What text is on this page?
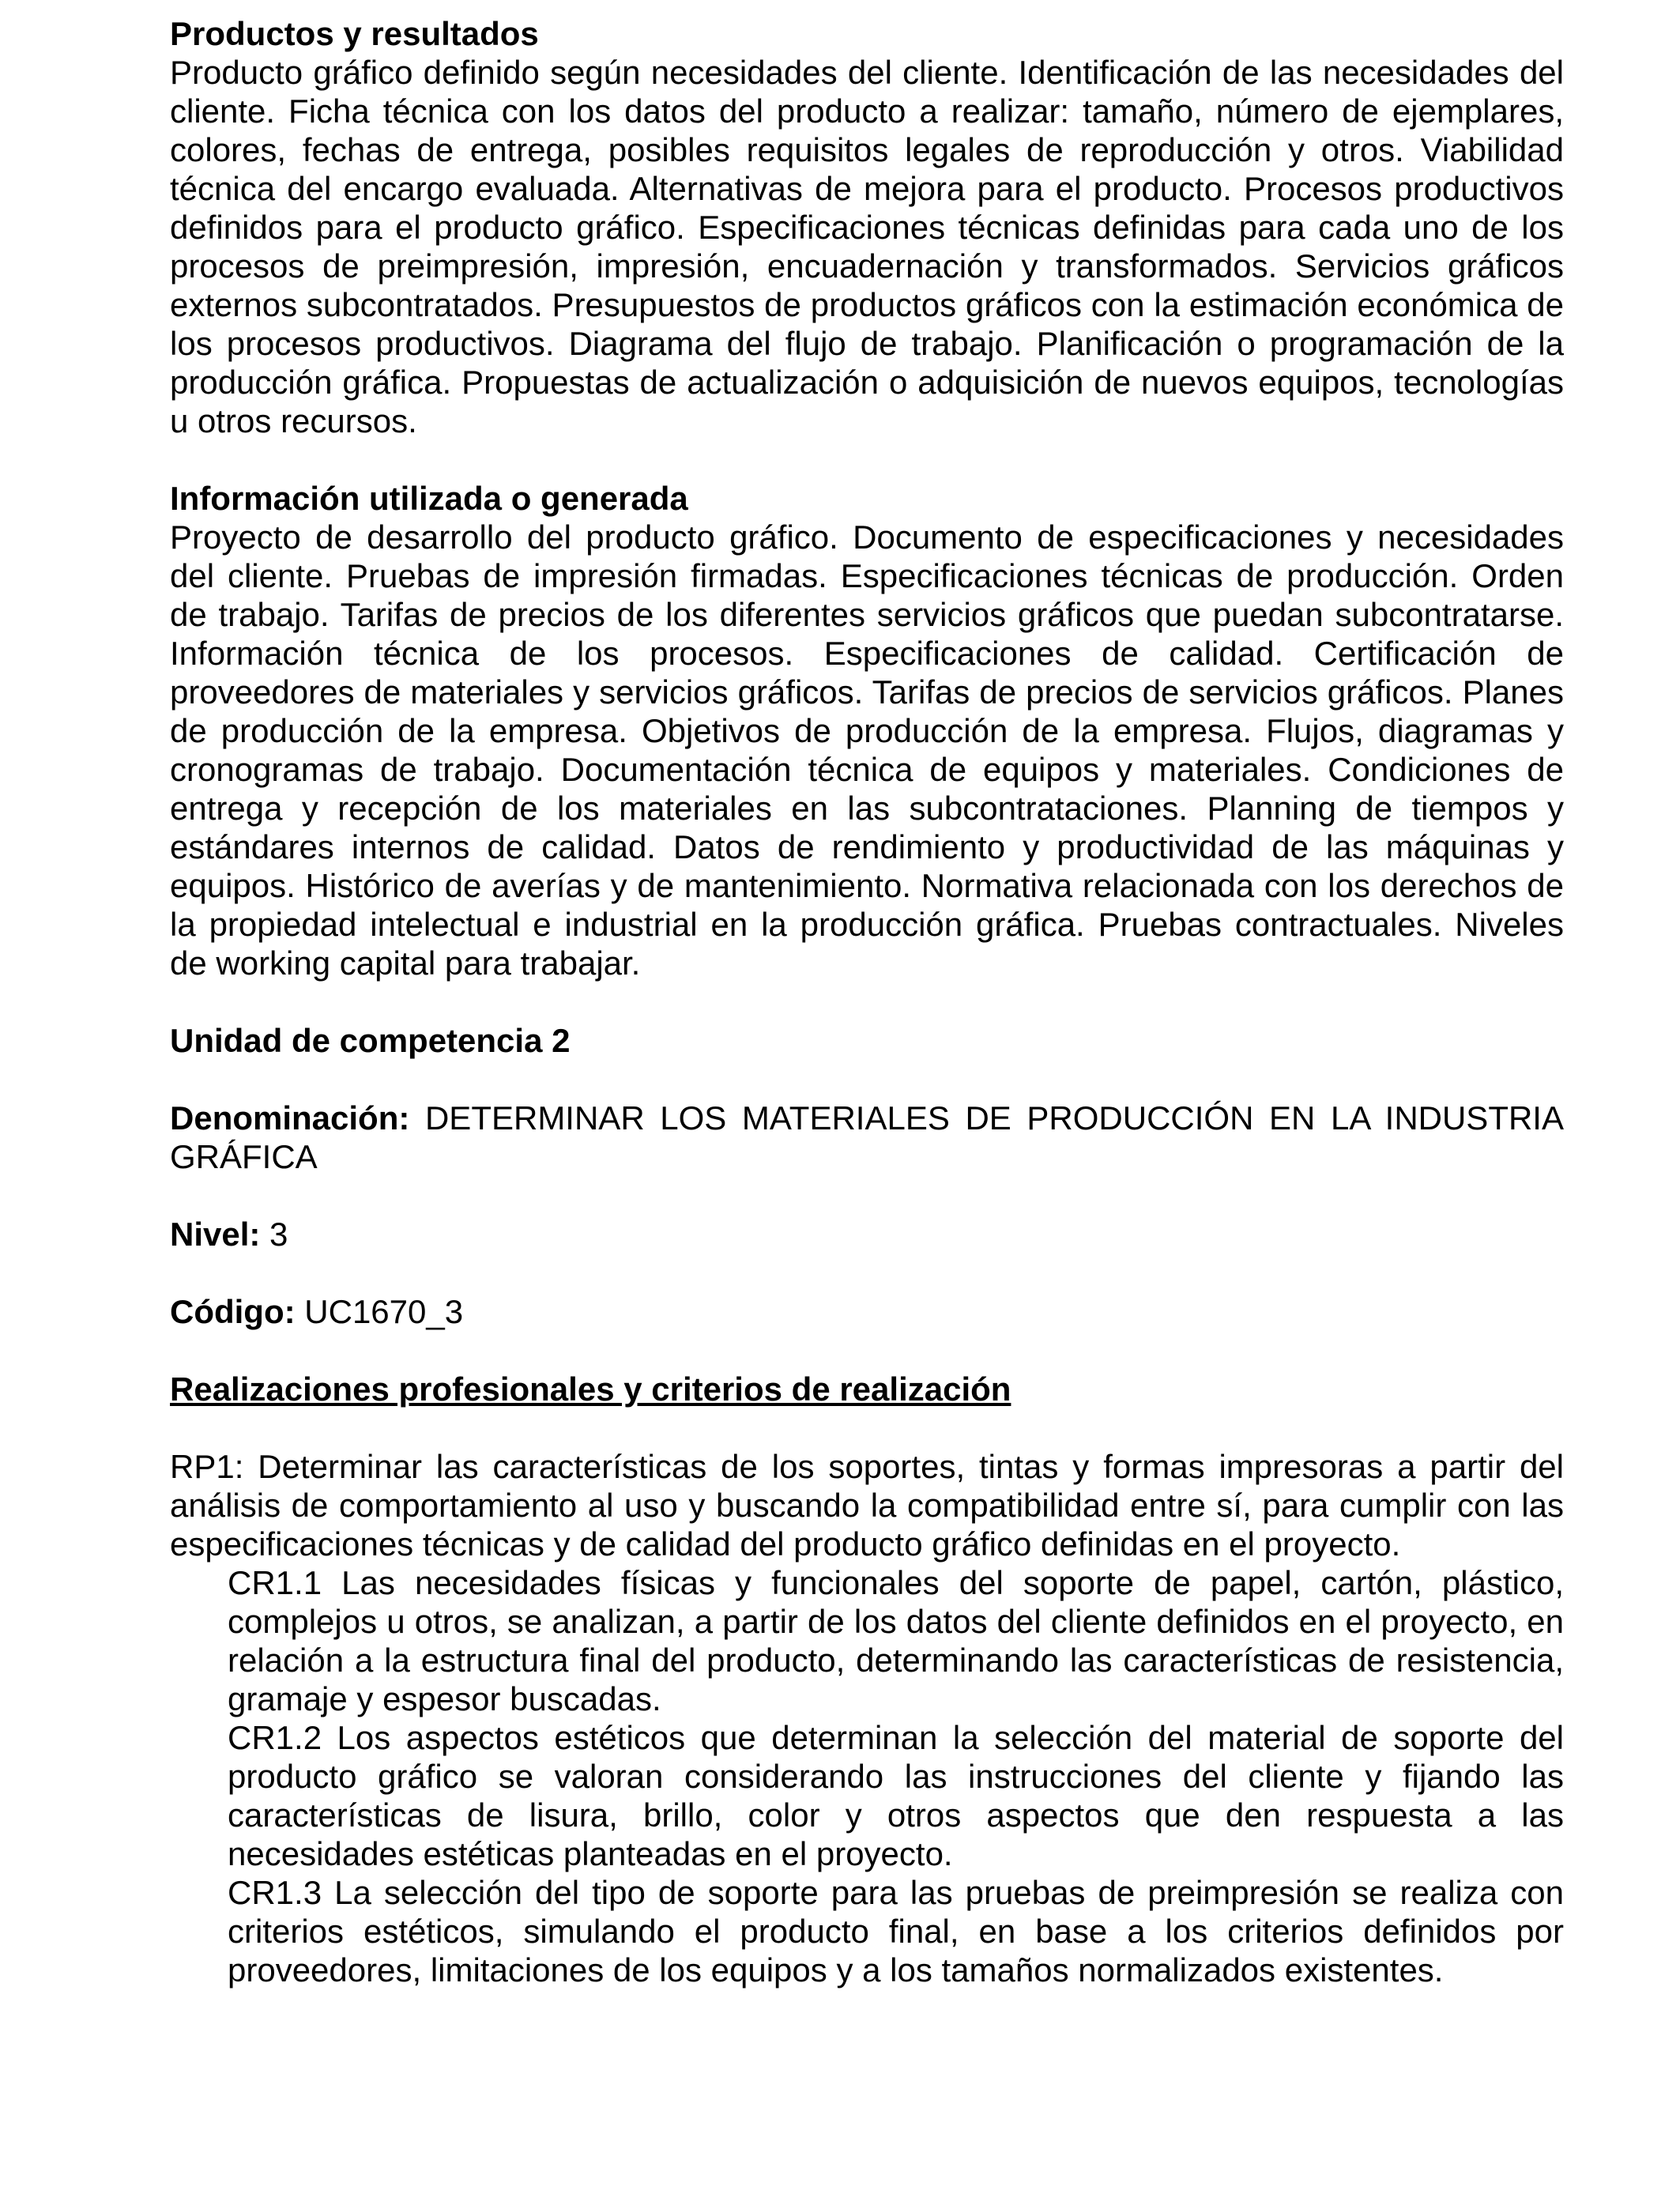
Productos y resultados

Producto gráfico definido según necesidades del cliente. Identificación de las necesidades del cliente. Ficha técnica con los datos del producto a realizar: tamaño, número de ejemplares, colores, fechas de entrega, posibles requisitos legales de reproducción y otros. Viabilidad técnica del encargo evaluada. Alternativas de mejora para el producto. Procesos productivos definidos para el producto gráfico. Especificaciones técnicas definidas para cada uno de los procesos de preimpresión, impresión, encuadernación y transformados. Servicios gráficos externos subcontratados. Presupuestos de productos gráficos con la estimación económica de los procesos productivos. Diagrama del flujo de trabajo. Planificación o programación de la producción gráfica. Propuestas de actualización o adquisición de nuevos equipos, tecnologías u otros recursos.

Información utilizada o generada

Proyecto de desarrollo del producto gráfico. Documento de especificaciones y necesidades del cliente. Pruebas de impresión firmadas. Especificaciones técnicas de producción. Orden de trabajo. Tarifas de precios de los diferentes servicios gráficos que puedan subcontratarse. Información técnica de los procesos. Especificaciones de calidad. Certificación de proveedores de materiales y servicios gráficos. Tarifas de precios de servicios gráficos. Planes de producción de la empresa. Objetivos de producción de la empresa. Flujos, diagramas y cronogramas de trabajo. Documentación técnica de equipos y materiales. Condiciones de entrega y recepción de los materiales en las subcontrataciones. Planning de tiempos y estándares internos de calidad. Datos de rendimiento y productividad de las máquinas y equipos. Histórico de averías y de mantenimiento. Normativa relacionada con los derechos de la propiedad intelectual e industrial en la producción gráfica. Pruebas contractuales. Niveles de working capital para trabajar.

Unidad de competencia 2

Denominación: DETERMINAR LOS MATERIALES DE PRODUCCIÓN EN LA INDUSTRIA GRÁFICA

Nivel: 3

Código: UC1670_3

Realizaciones profesionales y criterios de realización

RP1: Determinar las características de los soportes, tintas y formas impresoras a partir del análisis de comportamiento al uso y buscando la compatibilidad entre sí, para cumplir con las especificaciones técnicas y de calidad del producto gráfico definidas en el proyecto.

CR1.1 Las necesidades físicas y funcionales del soporte de papel, cartón, plástico, complejos u otros, se analizan, a partir de los datos del cliente definidos en el proyecto, en relación a la estructura final del producto, determinando las características de resistencia, gramaje y espesor buscadas.

CR1.2 Los aspectos estéticos que determinan la selección del material de soporte del producto gráfico se valoran considerando las instrucciones del cliente y fijando las características de lisura, brillo, color y otros aspectos que den respuesta a las necesidades estéticas planteadas en el proyecto.

CR1.3 La selección del tipo de soporte para las pruebas de preimpresión se realiza con criterios estéticos, simulando el producto final, en base a los criterios definidos por proveedores, limitaciones de los equipos y a los tamaños normalizados existentes.
